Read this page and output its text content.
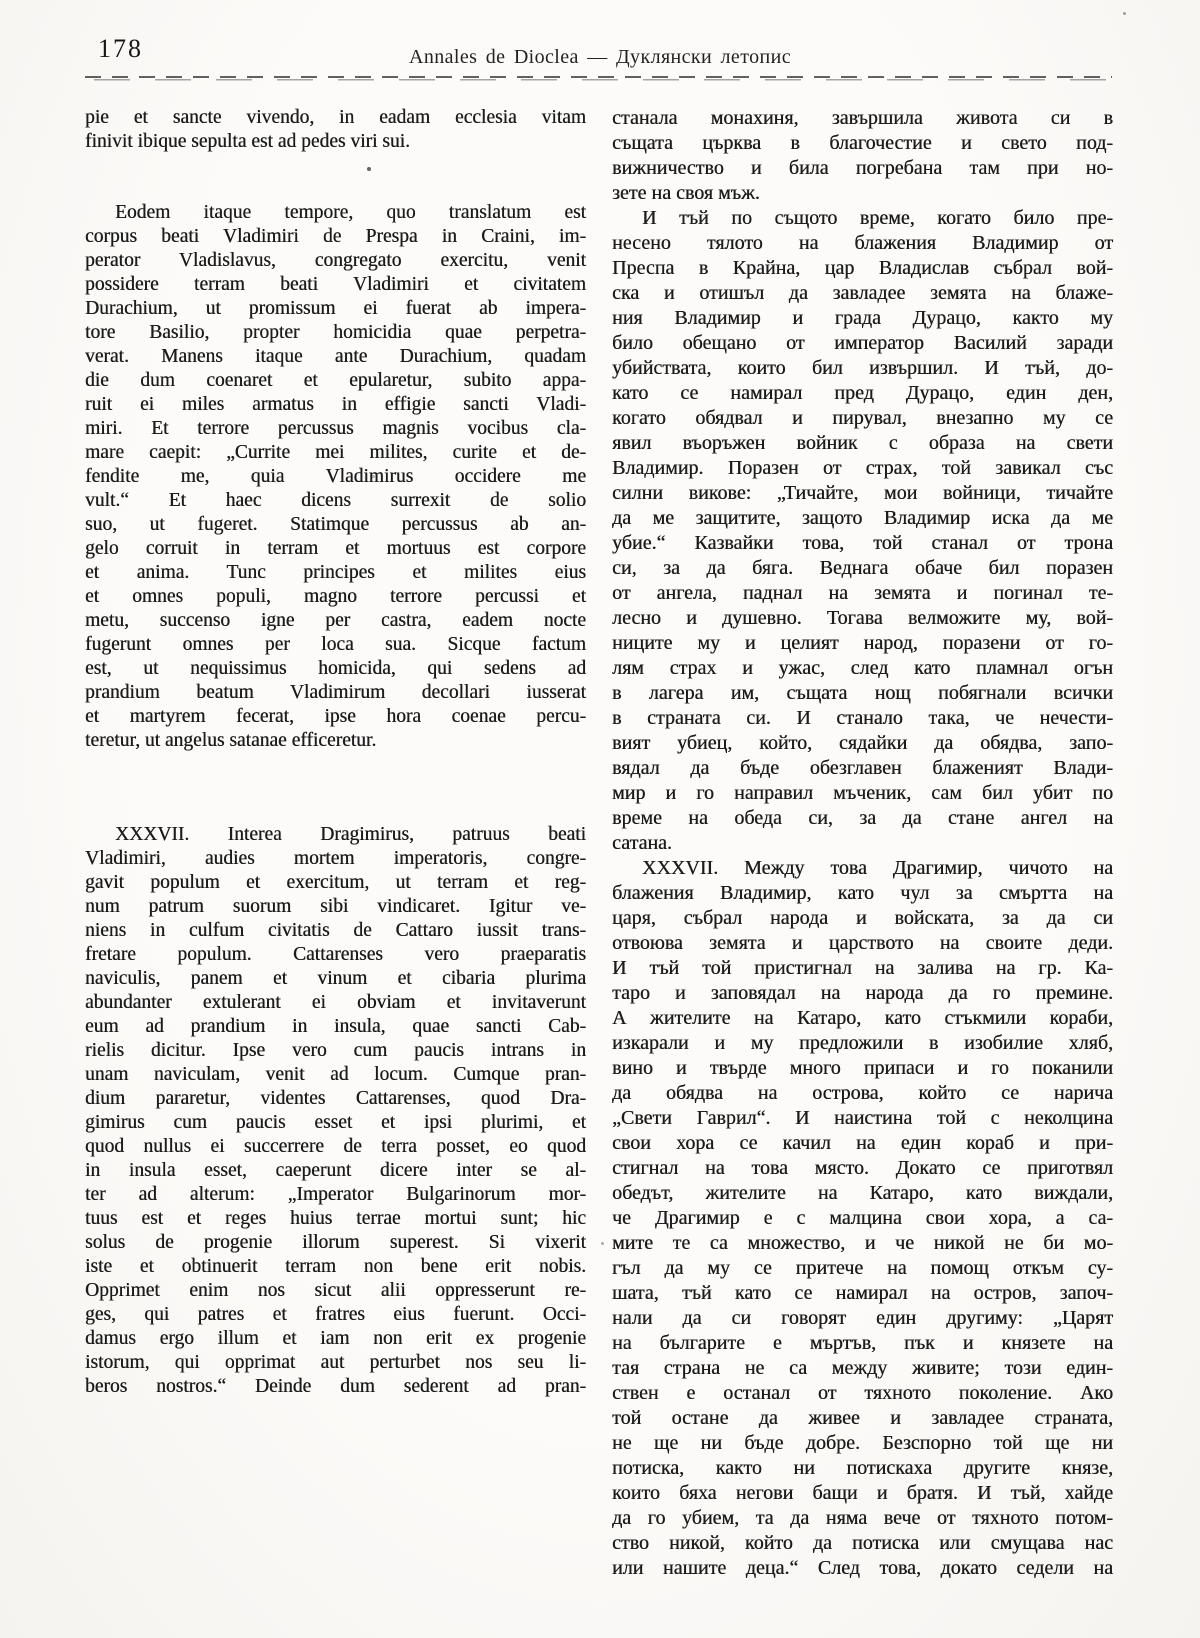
178	Annales de Dioclea — Дуклянски летопис
pie et sancte vivendo, in eadam ecclesia vitam
finivit ibique sepulta est ad pedes viri sui.
Eodem itaque tempore, quo translatum est
corpus beati Vladimiri de Prespa in Craini, im-
perator Vladislavus, congregato exercitu, venit
possidere terram beati Vladimiri et civitatem
Durachium, ut promissum ei fuerat ab impera-
tore Basilio, propter homicidia quae perpetra-
verat. Manens itaque ante Durachium, quadam
die dum coenaret et epularetur, subito appa-
ruit ei miles armatus in effigie sancti Vladi-
miri. Et terrore percussus magnis vocibus cla-
mare caepit: „Currite mei milites, curite et de-
fendite me, quia Vladimirus occidere me
vult.“ Et haec dicens surrexit de solio
suo, ut fugeret. Statimque percussus ab an-
gelo corruit in terram et mortuus est corpore
et anima. Tunc principes et milites eius
et omnes populi, magno terrore percussi et
metu, succenso igne per castra, eadem nocte
fugerunt omnes per loca sua. Sicque factum
est, ut nequissimus homicida, qui sedens ad
prandium beatum Vladimirum decollari iusserat
et martyrem fecerat, ipse hora coenae percu-
teretur, ut angelus satanae efficeretur.
XXXVII. Interea Dragimirus, patruus beati
Vladimiri, audies mortem imperatoris, congre-
gavit populum et exercitum, ut terram et reg-
num patrum suorum sibi vindicaret. Igitur ve-
niens in culfum civitatis de Cattaro iussit trans-
fretare populum. Cattarenses vero praeparatis
naviculis, panem et vinum et cibaria plurima
abundanter extulerant ei obviam et invitaverunt
eum ad prandium in insula, quae sancti Cab-
rielis dicitur. Ipse vero cum paucis intrans in
unam naviculam, venit ad locum. Cumque pran-
dium pararetur, videntes Cattarenses, quod Dra-
gimirus cum paucis esset et ipsi plurimi, et
quod nullus ei succerrere de terra posset, eo quod
in insula esset, caeperunt dicere inter se al-
ter ad alterum: „Imperator Bulgarinorum mor-
tuus est et reges huius terrae mortui sunt; hic
solus de progenie illorum superest. Si vixerit
iste et obtinuerit terram non bene erit nobis.
Opprimet enim nos sicut alii oppresserunt re-
ges, qui patres et fratres eius fuerunt. Occi-
damus ergo illum et iam non erit ex progenie
istorum, qui opprimat aut perturbet nos seu li-
beros nostros.“ Deinde dum sederent ad pran-
станала монахиня, завършила живота си в
същата църква в благочестие и свето под-
вижничество и била погребана там при но-
зете на своя мъж.
И тъй по същото време, когато било пре-
несено тялото на блажения Владимир от
Преспа в Крайна, цар Владислав събрал вой-
ска и отишъл да завладее земята на блаже-
ния Владимир и града Дурацо, както му
било обещано от император Василий заради
убийствата, които бил извършил. И тъй, до-
като се намирал пред Дурацо, един ден,
когато обядвал и пирувал, внезапно му се
явил въоръжен войник с образа на свети
Владимир. Поразен от страх, той завикал със
силни викове: „Тичайте, мои войници, тичайте
да ме защитите, защото Владимир иска да ме
убие.“ Казвайки това, той станал от трона
си, за да бяга. Веднага обаче бил поразен
от ангела, паднал на земята и погинал те-
лесно и душевно. Тогава велможите му, вой-
ниците му и целият народ, поразени от го-
лям страх и ужас, след като пламнал огън
в лагера им, същата нощ побягнали всички
в страната си. И станало така, че нечести-
вият убиец, който, сядайки да обядва, запо-
вядал да бъде обезглавен блаженият Влади-
мир и го направил мъченик, сам бил убит по
време на обеда си, за да стане ангел на
сатана.
XXXVII. Между това Драгимир, чичото на
блажения Владимир, като чул за смъртта на
царя, събрал народа и войската, за да си
отвоюва земята и царството на своите деди.
И тъй той пристигнал на залива на гр. Ка-
таро и заповядал на народа да го премине.
А жителите на Катаро, като стъкмили кораби,
изкарали и му предложили в изобилие хляб,
вино и твърде много припаси и го поканили
да обядва на острова, който се нарича
„Свети Гаврил“. И наистина той с неколцина
свои хора се качил на един кораб и при-
стигнал на това място. Докато се приготвял
обедът, жителите на Катаро, като виждали,
че Драгимир е с малцина свои хора, а са-
мите те са множество, и че никой не би мо-
гъл да му се притече на помощ откъм су-
шата, тъй като се намирал на остров, започ-
нали да си говорят един другиму: „Царят
на българите е мъртъв, пък и князете на
тая страна не са между живите; този един-
ствен е останал от тяхното поколение. Ако
той остане да живее и завладее страната,
не ще ни бъде добре. Безспорно той ще ни
потиска, както ни потискаха другите князе,
които бяха негови бащи и братя. И тъй, хайде
да го убием, та да няма вече от тяхното потом-
ство никой, който да потиска или смущава нас
или нашите деца.“ След това, докато седели на
